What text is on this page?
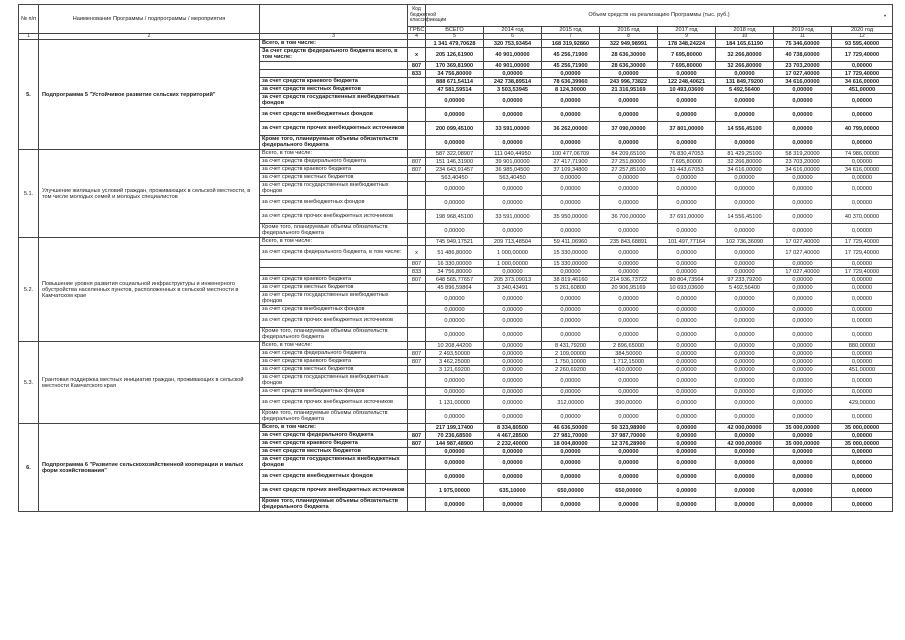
№ п/п	Наименование Программы / подпрограммы / мероприятия		Код бюджетной классификации	Объем средств на реализацию Программы (тыс. руб.)							
			ГРБС	ВСЕГО	2014 год	2015 год	2016 год	2017 год	2018 год	2019 год	2020 год
1	2	3	4	5	6	7	8	9	10	11	12
5.	Подпрограмма 5 "Устойчивое развитие сельских территорий"	Всего, в том числе:		1 341 479,70628	320 753,93454	168 319,92860	322 949,98991	178 348,24224	184 165,61190	75 346,60000	93 595,40000
		За счет средств федерального бюджета всего, в том числе:	х	205 126,61900	40 901,00000	45 256,71900	28 636,30000	7 695,80000	32 266,80000	40 738,60000	17 729,40000
			807	170 369,81900	40 901,00000	45 256,71900	28 636,30000	7 695,80000	32 266,80000	23 703,20000	0,00000
			833	34 756,80000	0,00000	0,00000	0,00000	0,00000	0,00000	17 027,40000	17 729,40000
		за счет средств краевого бюджета		888 671,54114	242 738,89514	78 636,39960	243 996,73822	122 248,40621	131 849,79200	34 616,00000	34 616,00000
		за счет средств местных бюджетов		47 581,59514	3 503,53945	8 124,30000	21 316,95169	10 493,03600	5 492,56400	0,00000	451,00000
		за счет средств государственных внебюджетных фондов		0,00000	0,00000	0,00000	0,00000	0,00000	0,00000	0,00000	0,00000
		за счет средств внебюджетных фондов		0,00000	0,00000	0,00000	0,00000	0,00000	0,00000	0,00000	0,00000
		за счет средств прочих внебюджетных источников		200 099,45100	33 591,00000	36 262,00000	37 090,00000	37 801,00000	14 556,45100	0,00000	40 799,00000
		Кроме того, планируемые объемы обязательств федерального бюджета		0,00000	0,00000	0,00000	0,00000	0,00000	0,00000	0,00000	0,00000
5.1.	Улучшение жилищных условий граждан, проживающих в сельской местности, в том числе молодых семей и молодых специалистов	Всего, в том числе:		587 322,08907	111 040,44950	100 477,06709	84 209,65100	76 830,47053	81 429,25100	58 319,20000	74 986,00000
		за счет средств федерального бюджета	807	151 146,31900	39 901,00000	27 417,71900	27 251,80000	7 695,80000	32 266,80000	23 703,20000	0,00000
		за счет средств краевого бюджета	807	234 643,91457	36 985,04500	37 109,34800	27 257,85100	31 443,67053	34 616,00000	34 616,00000	34 616,00000
		за счет средств местных бюджетов		563,40450	563,40450	0,00000	0,00000	0,00000	0,00000	0,00000	0,00000
		за счет средств государственных внебюджетных фондов		0,00000	0,00000	0,00000	0,00000	0,00000	0,00000	0,00000	0,00000
		за счет средств внебюджетных фондов		0,00000	0,00000	0,00000	0,00000	0,00000	0,00000	0,00000	0,00000
		за счет средств прочих внебюджетных источников		198 968,45100	33 591,00000	35 950,00000	36 700,00000	37 691,00000	14 556,45100	0,00000	40 370,00000
		Кроме того, планируемые объемы обязательств федерального бюджета		0,00000	0,00000	0,00000	0,00000	0,00000	0,00000	0,00000	0,00000
5.2.	Повышение уровня развития социальной инфраструктуры и инженерного обустройства населенных пунктов, расположенных в сельской местности в Камчатском крае	Всего, в том числе:		745 949,17521	209 713,48504	59 411,06960	235 843,68891	101 497,77164	102 736,36090	17 027,40000	17 729,40000
		за счет средств федерального бюджета, в том числе:	х	51 486,80000	1 000,00000	15 330,00000	0,00000	0,00000	0,00000	17 027,40000	17 729,40000
			807	16 330,00000	1 000,00000	15 330,00000	0,00000	0,00000	0,00000	0,00000	0,00000
			833	34 756,80000	0,00000	0,00000	0,00000	0,00000	0,00000	17 027,40000	17 729,40000
		за счет средств краевого бюджета	807	648 565,77657	205 373,09013	38 819,46160	214 936,73722	90 804,73564	97 233,79200	0,00000	0,00000
		за счет средств местных бюджетов		45 896,59864	3 340,43491	5 261,60800	20 906,95169	10 693,03600	5 492,56400	0,00000	0,00000
		за счет средств государственных внебюджетных фондов		0,00000	0,00000	0,00000	0,00000	0,00000	0,00000	0,00000	0,00000
		за счет средств внебюджетных фондов		0,00000	0,00000	0,00000	0,00000	0,00000	0,00000	0,00000	0,00000
		за счет средств прочих внебюджетных источников		0,00000	0,00000	0,00000	0,00000	0,00000	0,00000	0,00000	0,00000
		Кроме того, планируемые объемы обязательств федерального бюджета		0,00000	0,00000	0,00000	0,00000	0,00000	0,00000	0,00000	0,00000
5.3.	Грантовая поддержка местных инициатив граждан, проживающих в сельской местности Камчатского края	Всего, в том числе:		10 208,44200	0,00000	8 431,79200	2 896,65000	0,00000	0,00000	0,00000	880,00000
		за счет средств федерального бюджета	807	2 493,50000	0,00000	2 109,00000	384,50000	0,00000	0,00000	0,00000	0,00000
		за счет средств краевого бюджета	807	3 462,25000	0,00000	1 750,10000	1 712,15000	0,00000	0,00000	0,00000	0,00000
		за счет средств местных бюджетов		3 121,69200	0,00000	2 260,69200	410,00000	0,00000	0,00000	0,00000	451,00000
		за счет средств государственных внебюджетных фондов		0,00000	0,00000	0,00000	0,00000	0,00000	0,00000	0,00000	0,00000
		за счет средств внебюджетных фондов		0,00000	0,00000	0,00000	0,00000	0,00000	0,00000	0,00000	0,00000
		за счет средств прочих внебюджетных источников		1 131,00000	0,00000	312,00000	390,00000	0,00000	0,00000	0,00000	429,00000
		Кроме того, планируемые объемы обязательств федерального бюджета		0,00000	0,00000	0,00000	0,00000	0,00000	0,00000	0,00000	0,00000
6.	Подпрограмма 6 "Развитие сельскохозяйственной кооперации и малых форм хозяйствования"	Всего, в том числе:		217 199,17400	8 334,80500	46 636,50000	50 323,98900	0,00000	42 000,00000	35 000,00000	35 000,00000
		за счет средств федерального бюджета	807	70 236,68500	4 467,28500	27 981,70000	37 987,70000	0,00000	0,00000	0,00000	0,00000
		за счет средств краевого бюджета	807	144 987,48900	2 232,40000	18 004,80000	12 376,28900	0,00000	42 000,00000	35 000,00000	35 000,00000
		за счет средств местных бюджетов		0,00000	0,00000	0,00000	0,00000	0,00000	0,00000	0,00000	0,00000
		за счет средств государственных внебюджетных фондов		0,00000	0,00000	0,00000	0,00000	0,00000	0,00000	0,00000	0,00000
		за счет средств внебюджетных фондов		0,00000	0,00000	0,00000	0,00000	0,00000	0,00000	0,00000	0,00000
		за счет средств прочих внебюджетных источников		1 975,00000	635,10000	650,00000	650,00000	0,00000	0,00000	0,00000	0,00000
		Кроме того, планируемые объемы обязательств федерального бюджета		0,00000	0,00000	0,00000	0,00000	0,00000	0,00000	0,00000	0,00000
•
